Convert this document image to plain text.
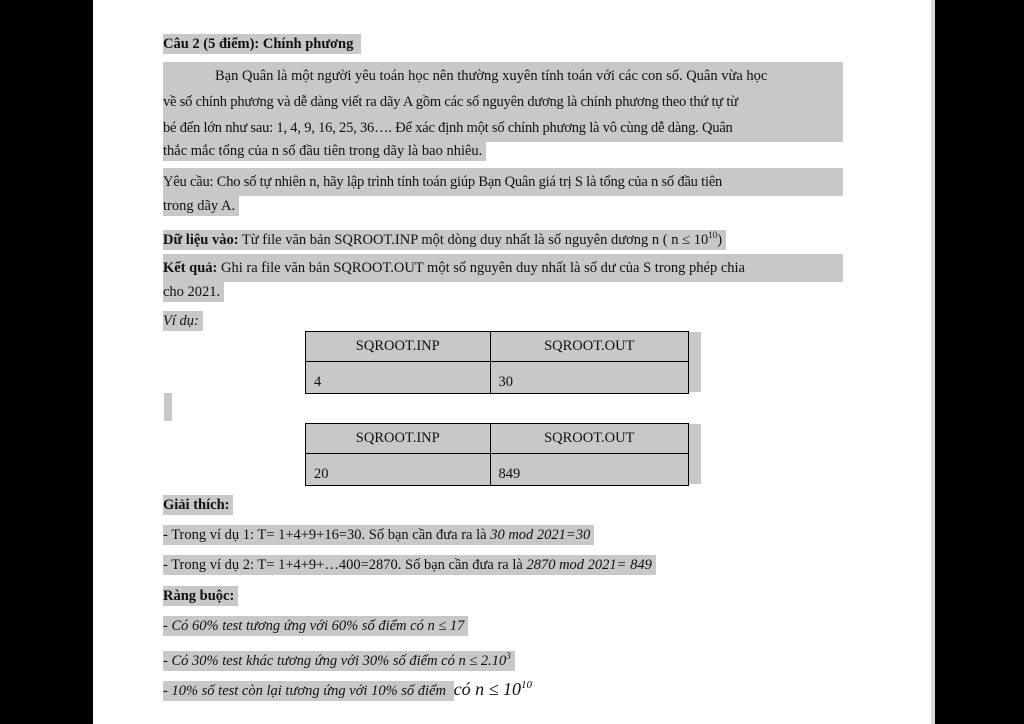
Câu 2 (5 điểm): Chính phương
Bạn Quân là một người yêu toán học nên thường xuyên tính toán với các con số. Quân vừa học
về số chính phương và dễ dàng viết ra dãy A gồm các số nguyên dương là chính phương theo thứ tự từ
bé đến lớn như sau: 1, 4, 9, 16, 25, 36…. Để xác định một số chính phương là vô cùng dễ dàng. Quân
thắc mắc tổng của n số đầu tiên trong dãy là bao nhiêu.
Yêu cầu: Cho số tự nhiên n, hãy lập trình tính toán giúp Bạn Quân giá trị S là tổng của n số đầu tiên
trong dãy A.
Dữ liệu vào: Từ file văn bản SQROOT.INP một dòng duy nhất là số nguyên dương n ( $n \le 10^{10}$)
Kết quả: Ghi ra file văn bản SQROOT.OUT một số nguyên duy nhất là số dư của S trong phép chia
cho 2021.
Ví dụ:
SQROOT.INP	SQROOT.OUT
4	30
SQROOT.INP	SQROOT.OUT
20	849
Giải thích:
- Trong ví dụ 1: T= 1+4+9+16=30. Số bạn cần đưa ra là 30 mod 2021=30
- Trong ví dụ 2: T= 1+4+9+…400=2870. Số bạn cần đưa ra là 2870 mod 2021= 849
Ràng buộc:
- Có 60% test tương ứng với 60% số điểm có n ≤ 17
- Có 30% test khác tương ứng với 30% số điểm có $n \le 2.10^3$
- 10% số test còn lại tương ứng với 10% số điểm có $n \le 10^{10}$
